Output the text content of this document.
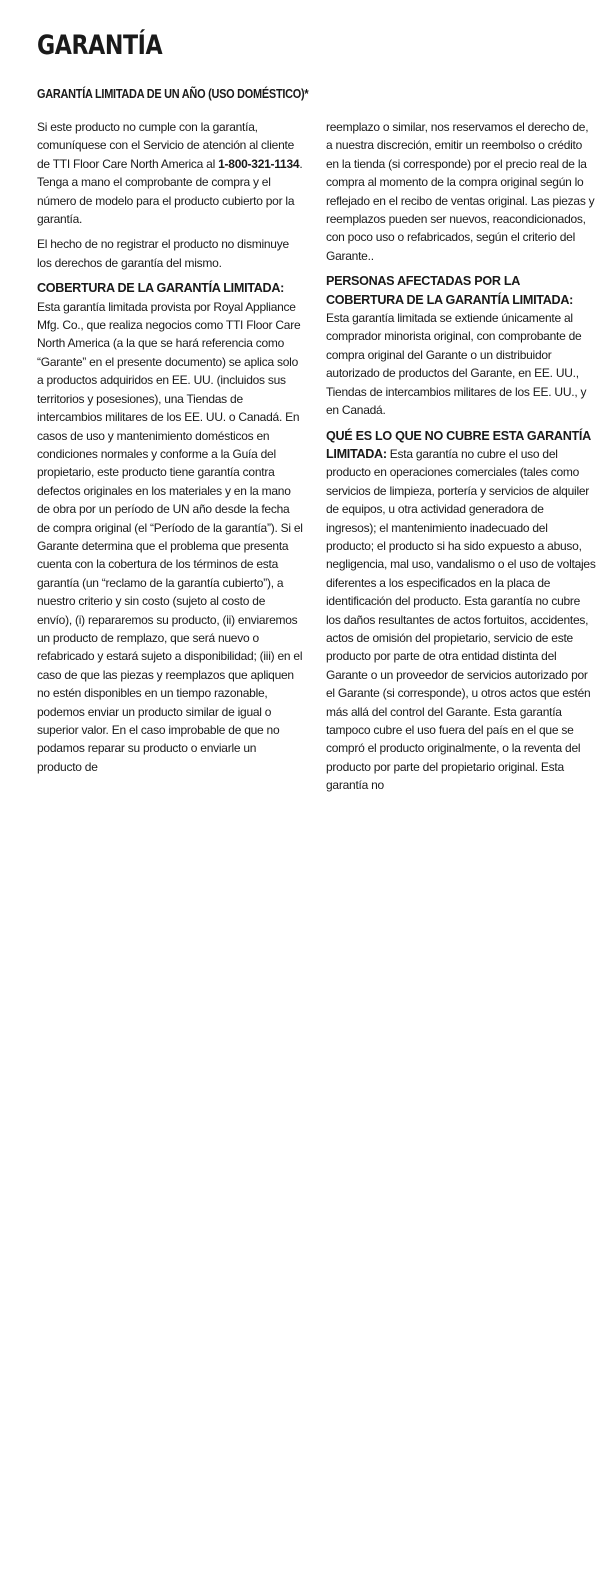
GARANTÍA
GARANTÍA LIMITADA DE UN AÑO (USO DOMÉSTICO)*

Si este producto no cumple con la garantía, comuníquese con el Servicio de atención al cliente de TTI Floor Care North America al 1-800-321-1134. Tenga a mano el comprobante de compra y el número de modelo para el producto cubierto por la garantía.

El hecho de no registrar el producto no disminuye los derechos de garantía del mismo.

COBERTURA DE LA GARANTÍA LIMITADA: Esta garantía limitada provista por Royal Appliance Mfg. Co., que realiza negocios como TTI Floor Care North America (a la que se hará referencia como “Garante” en el presente documento) se aplica solo a productos adquiridos en EE. UU. (incluidos sus territorios y posesiones), una Tiendas de intercambios militares de los EE. UU. o Canadá. En casos de uso y mantenimiento domésticos en condiciones normales y conforme a la Guía del propietario, este producto tiene garantía contra defectos originales en los materiales y en la mano de obra por un período de UN año desde la fecha de compra original (el “Período de la garantía”). Si el Garante determina que el problema que presenta cuenta con la cobertura de los términos de esta garantía (un “reclamo de la garantía cubierto”), a nuestro criterio y sin costo (sujeto al costo de envío), (i) repararemos su producto, (ii) enviaremos un producto de remplazo, que será nuevo o refabricado y estará sujeto a disponibilidad; (iii) en el caso de que las piezas y reemplazos que apliquen no estén disponibles en un tiempo razonable, podemos enviar un producto similar de igual o superior valor. En el caso improbable de que no podamos reparar su producto o enviarle un producto de

reemplazo o similar, nos reservamos el derecho de, a nuestra discreción, emitir un reembolso o crédito en la tienda (si corresponde) por el precio real de la compra al momento de la compra original según lo reflejado en el recibo de ventas original. Las piezas y reemplazos pueden ser nuevos, reacondicionados, con poco uso o refabricados, según el criterio del Garante..

PERSONAS AFECTADAS POR LA COBERTURA DE LA GARANTÍA LIMITADA: Esta garantía limitada se extiende únicamente al comprador minorista original, con comprobante de compra original del Garante o un distribuidor autorizado de productos del Garante, en EE. UU., Tiendas de intercambios militares de los EE. UU., y en Canadá.

QUÉ ES LO QUE NO CUBRE ESTA GARANTÍA LIMITADA: Esta garantía no cubre el uso del producto en operaciones comerciales (tales como servicios de limpieza, portería y servicios de alquiler de equipos, u otra actividad generadora de ingresos); el mantenimiento inadecuado del producto; el producto si ha sido expuesto a abuso, negligencia, mal uso, vandalismo o el uso de voltajes diferentes a los especificados en la placa de identificación del producto. Esta garantía no cubre los daños resultantes de actos fortuitos, accidentes, actos de omisión del propietario, servicio de este producto por parte de otra entidad distinta del Garante o un proveedor de servicios autorizado por el Garante (si corresponde), u otros actos que estén más allá del control del Garante. Esta garantía tampoco cubre el uso fuera del país en el que se compró el producto originalmente, o la reventa del producto por parte del propietario original. Esta garantía no
